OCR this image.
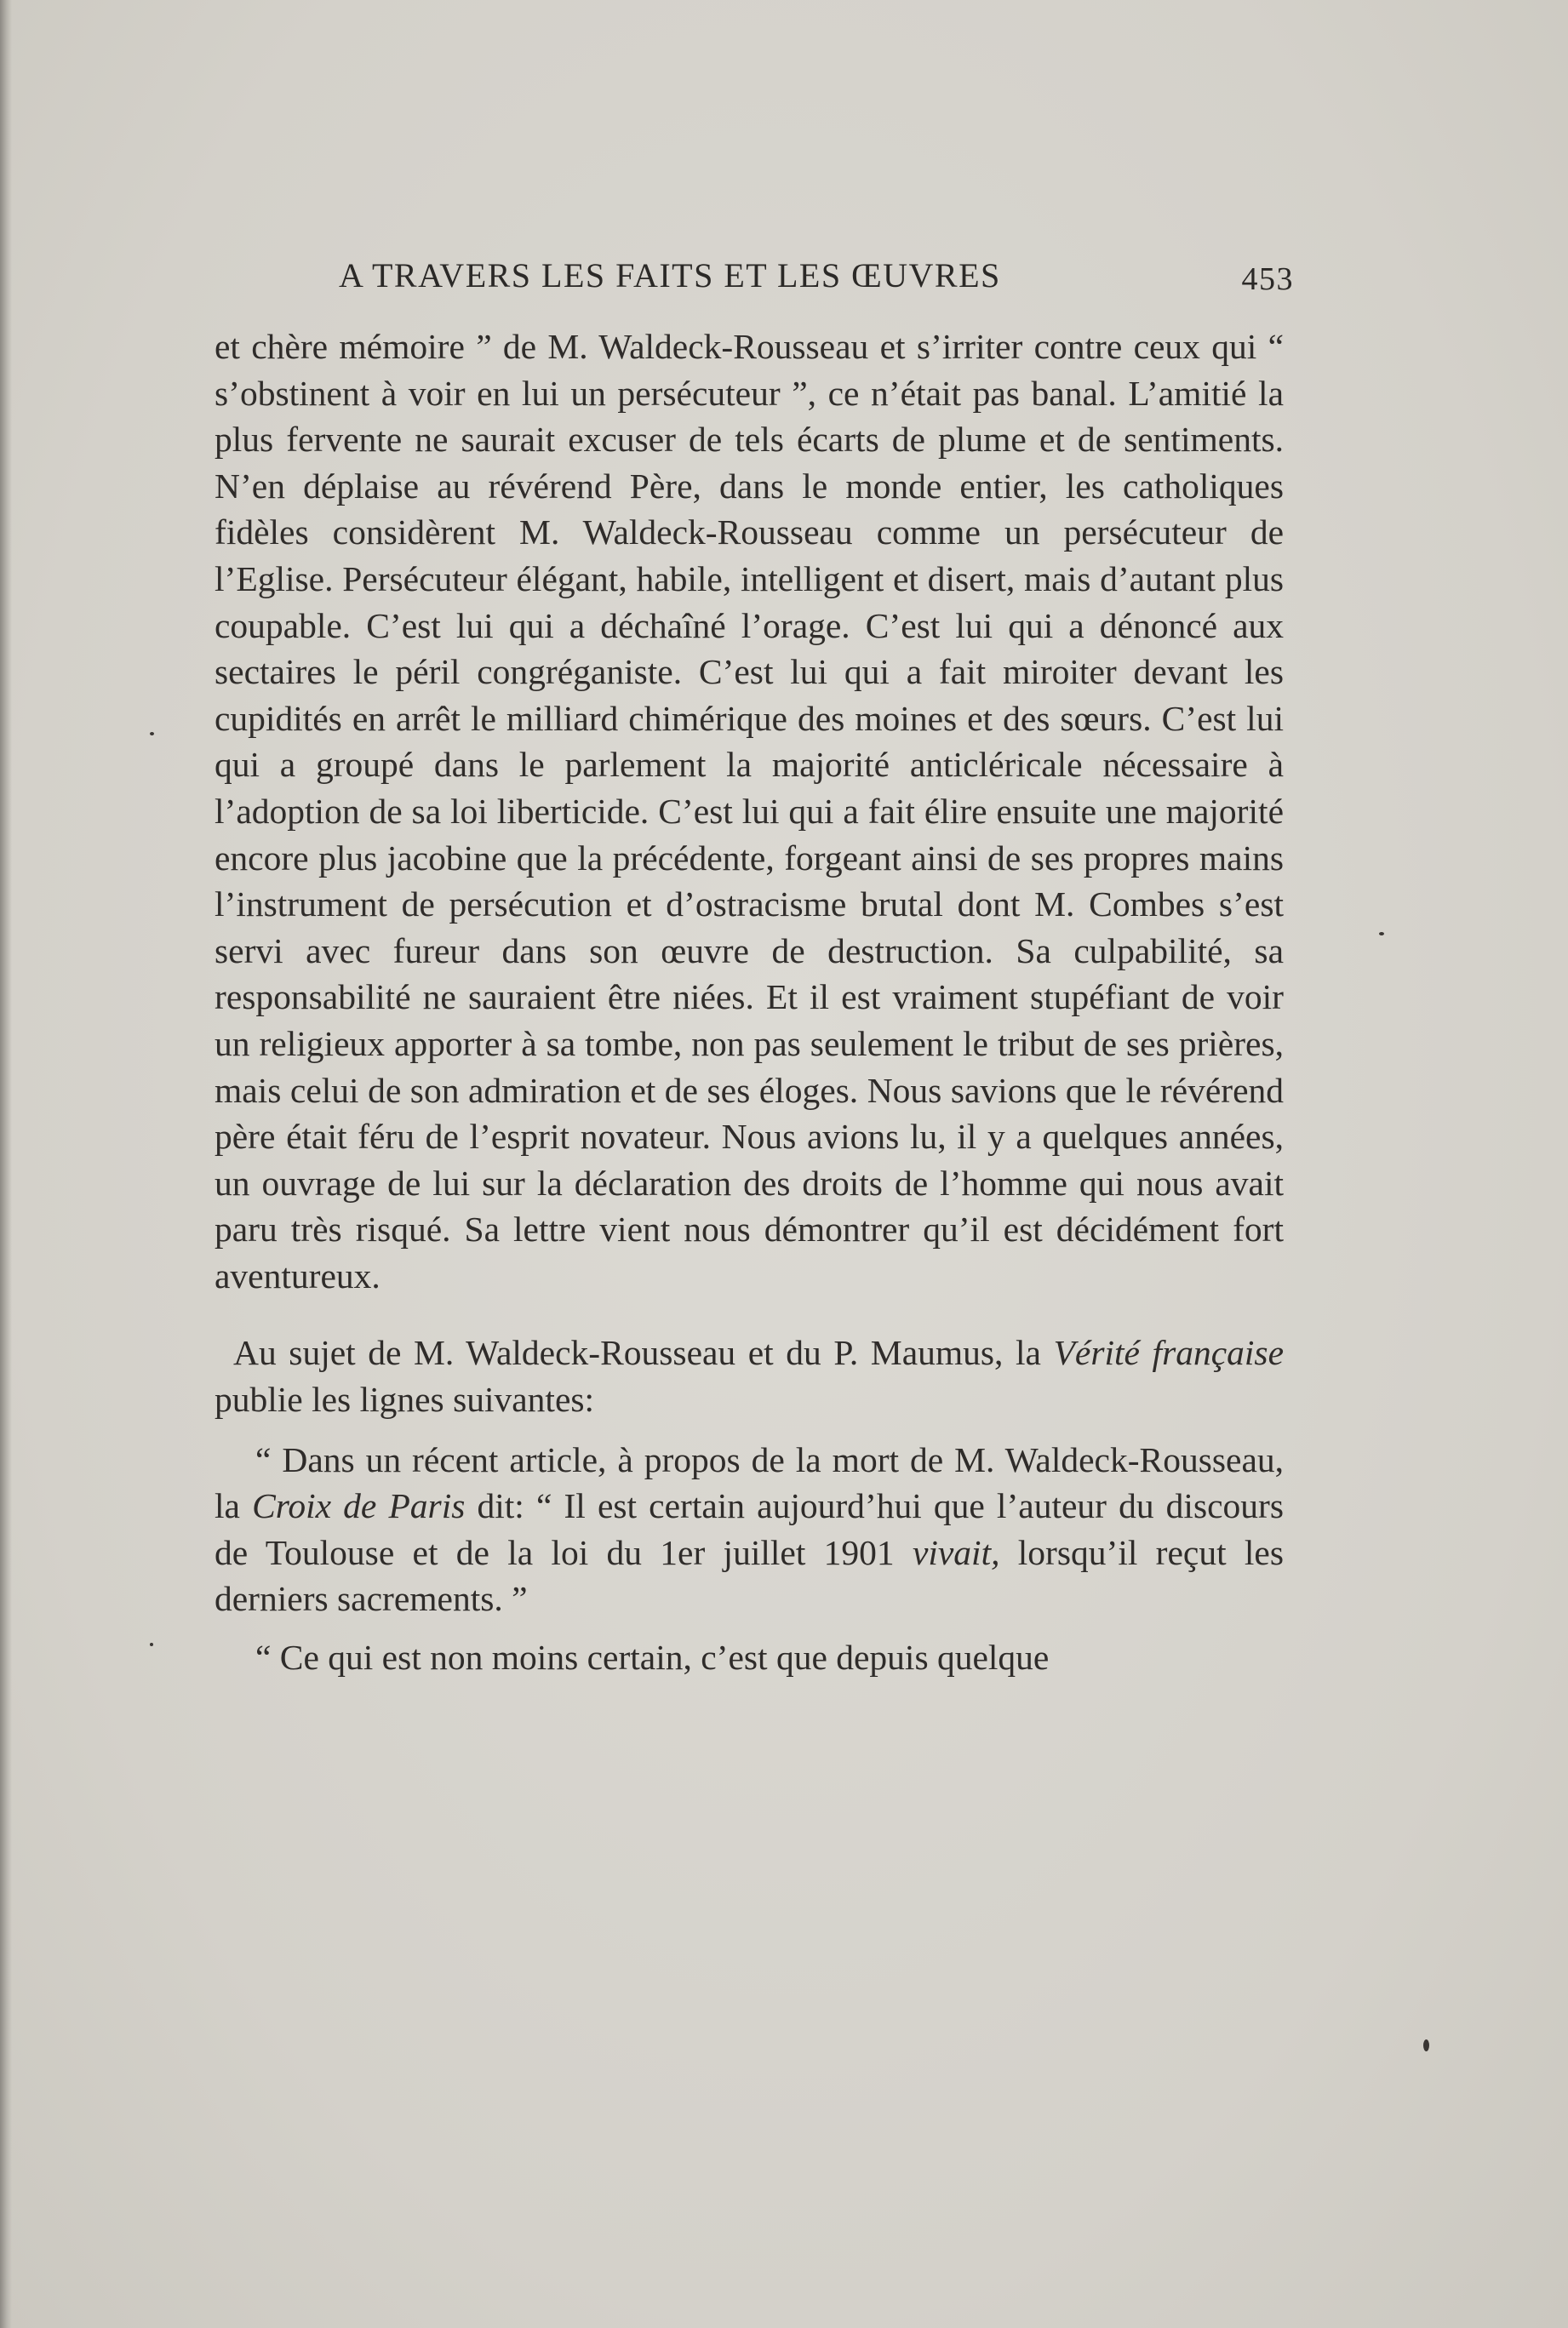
A TRAVERS LES FAITS ET LES ŒUVRES	453

et chère mémoire ” de M. Waldeck-Rousseau et s’irriter contre ceux qui “ s’obstinent à voir en lui un persécuteur ”, ce n’était pas banal. L’amitié la plus fervente ne saurait excuser de tels écarts de plume et de sentiments. N’en déplaise au révérend Père, dans le monde entier, les catholiques fidèles considèrent M. Waldeck-Rousseau comme un persécuteur de l’Eglise. Persécuteur élégant, habile, intelligent et disert, mais d’autant plus coupable. C’est lui qui a déchaîné l’orage. C’est lui qui a dénoncé aux sectaires le péril congréganiste. C’est lui qui a fait miroiter devant les cupidités en arrêt le milliard chimérique des moines et des sœurs. C’est lui qui a groupé dans le parlement la majorité anticléricale nécessaire à l’adoption de sa loi liberticide. C’est lui qui a fait élire ensuite une majorité encore plus jacobine que la précédente, forgeant ainsi de ses propres mains l’instrument de persécution et d’ostracisme brutal dont M. Combes s’est servi avec fureur dans son œuvre de destruction. Sa culpabilité, sa responsabilité ne sauraient être niées. Et il est vraiment stupéfiant de voir un religieux apporter à sa tombe, non pas seulement le tribut de ses prières, mais celui de son admiration et de ses éloges. Nous savions que le révérend père était féru de l’esprit novateur. Nous avions lu, il y a quelques années, un ouvrage de lui sur la déclaration des droits de l’homme qui nous avait paru très risqué. Sa lettre vient nous démontrer qu’il est décidément fort aventureux.

Au sujet de M. Waldeck-Rousseau et du P. Maumus, la Vérité française publie les lignes suivantes:

“ Dans un récent article, à propos de la mort de M. Waldeck-Rousseau, la Croix de Paris dit: “ Il est certain aujourd’hui que l’auteur du discours de Toulouse et de la loi du 1er juillet 1901 vivait, lorsqu’il reçut les derniers sacrements. ”

“ Ce qui est non moins certain, c’est que depuis quelque
